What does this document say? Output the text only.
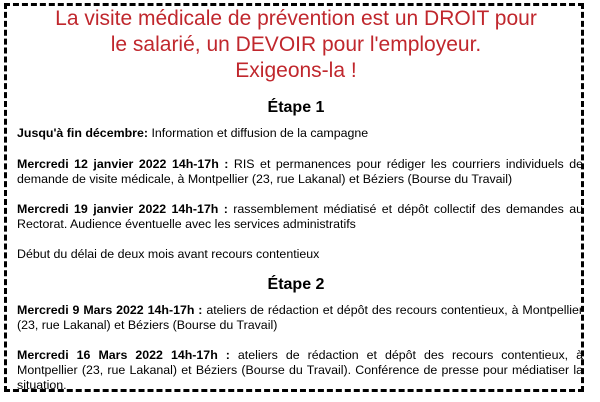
La visite médicale de prévention est un DROIT pour
le salarié, un DEVOIR pour l'employeur.
Exigeons-la !
Étape 1

Jusqu'à fin décembre: Information et diffusion de la campagne

Mercredi 12 janvier 2022 14h-17h : RIS et permanences pour rédiger les courriers individuels de demande de visite médicale, à Montpellier (23, rue Lakanal) et Béziers (Bourse du Travail)

Mercredi 19 janvier 2022 14h-17h : rassemblement médiatisé et dépôt collectif des demandes au Rectorat. Audience éventuelle avec les services administratifs

Début du délai de deux mois avant recours contentieux

Étape 2

Mercredi 9 Mars 2022 14h-17h : ateliers de rédaction et dépôt des recours contentieux, à Montpellier (23, rue Lakanal) et Béziers (Bourse du Travail)

Mercredi 16 Mars 2022 14h-17h : ateliers de rédaction et dépôt des recours contentieux, à Montpellier (23, rue Lakanal) et Béziers (Bourse du Travail). Conférence de presse pour médiatiser la situation.
